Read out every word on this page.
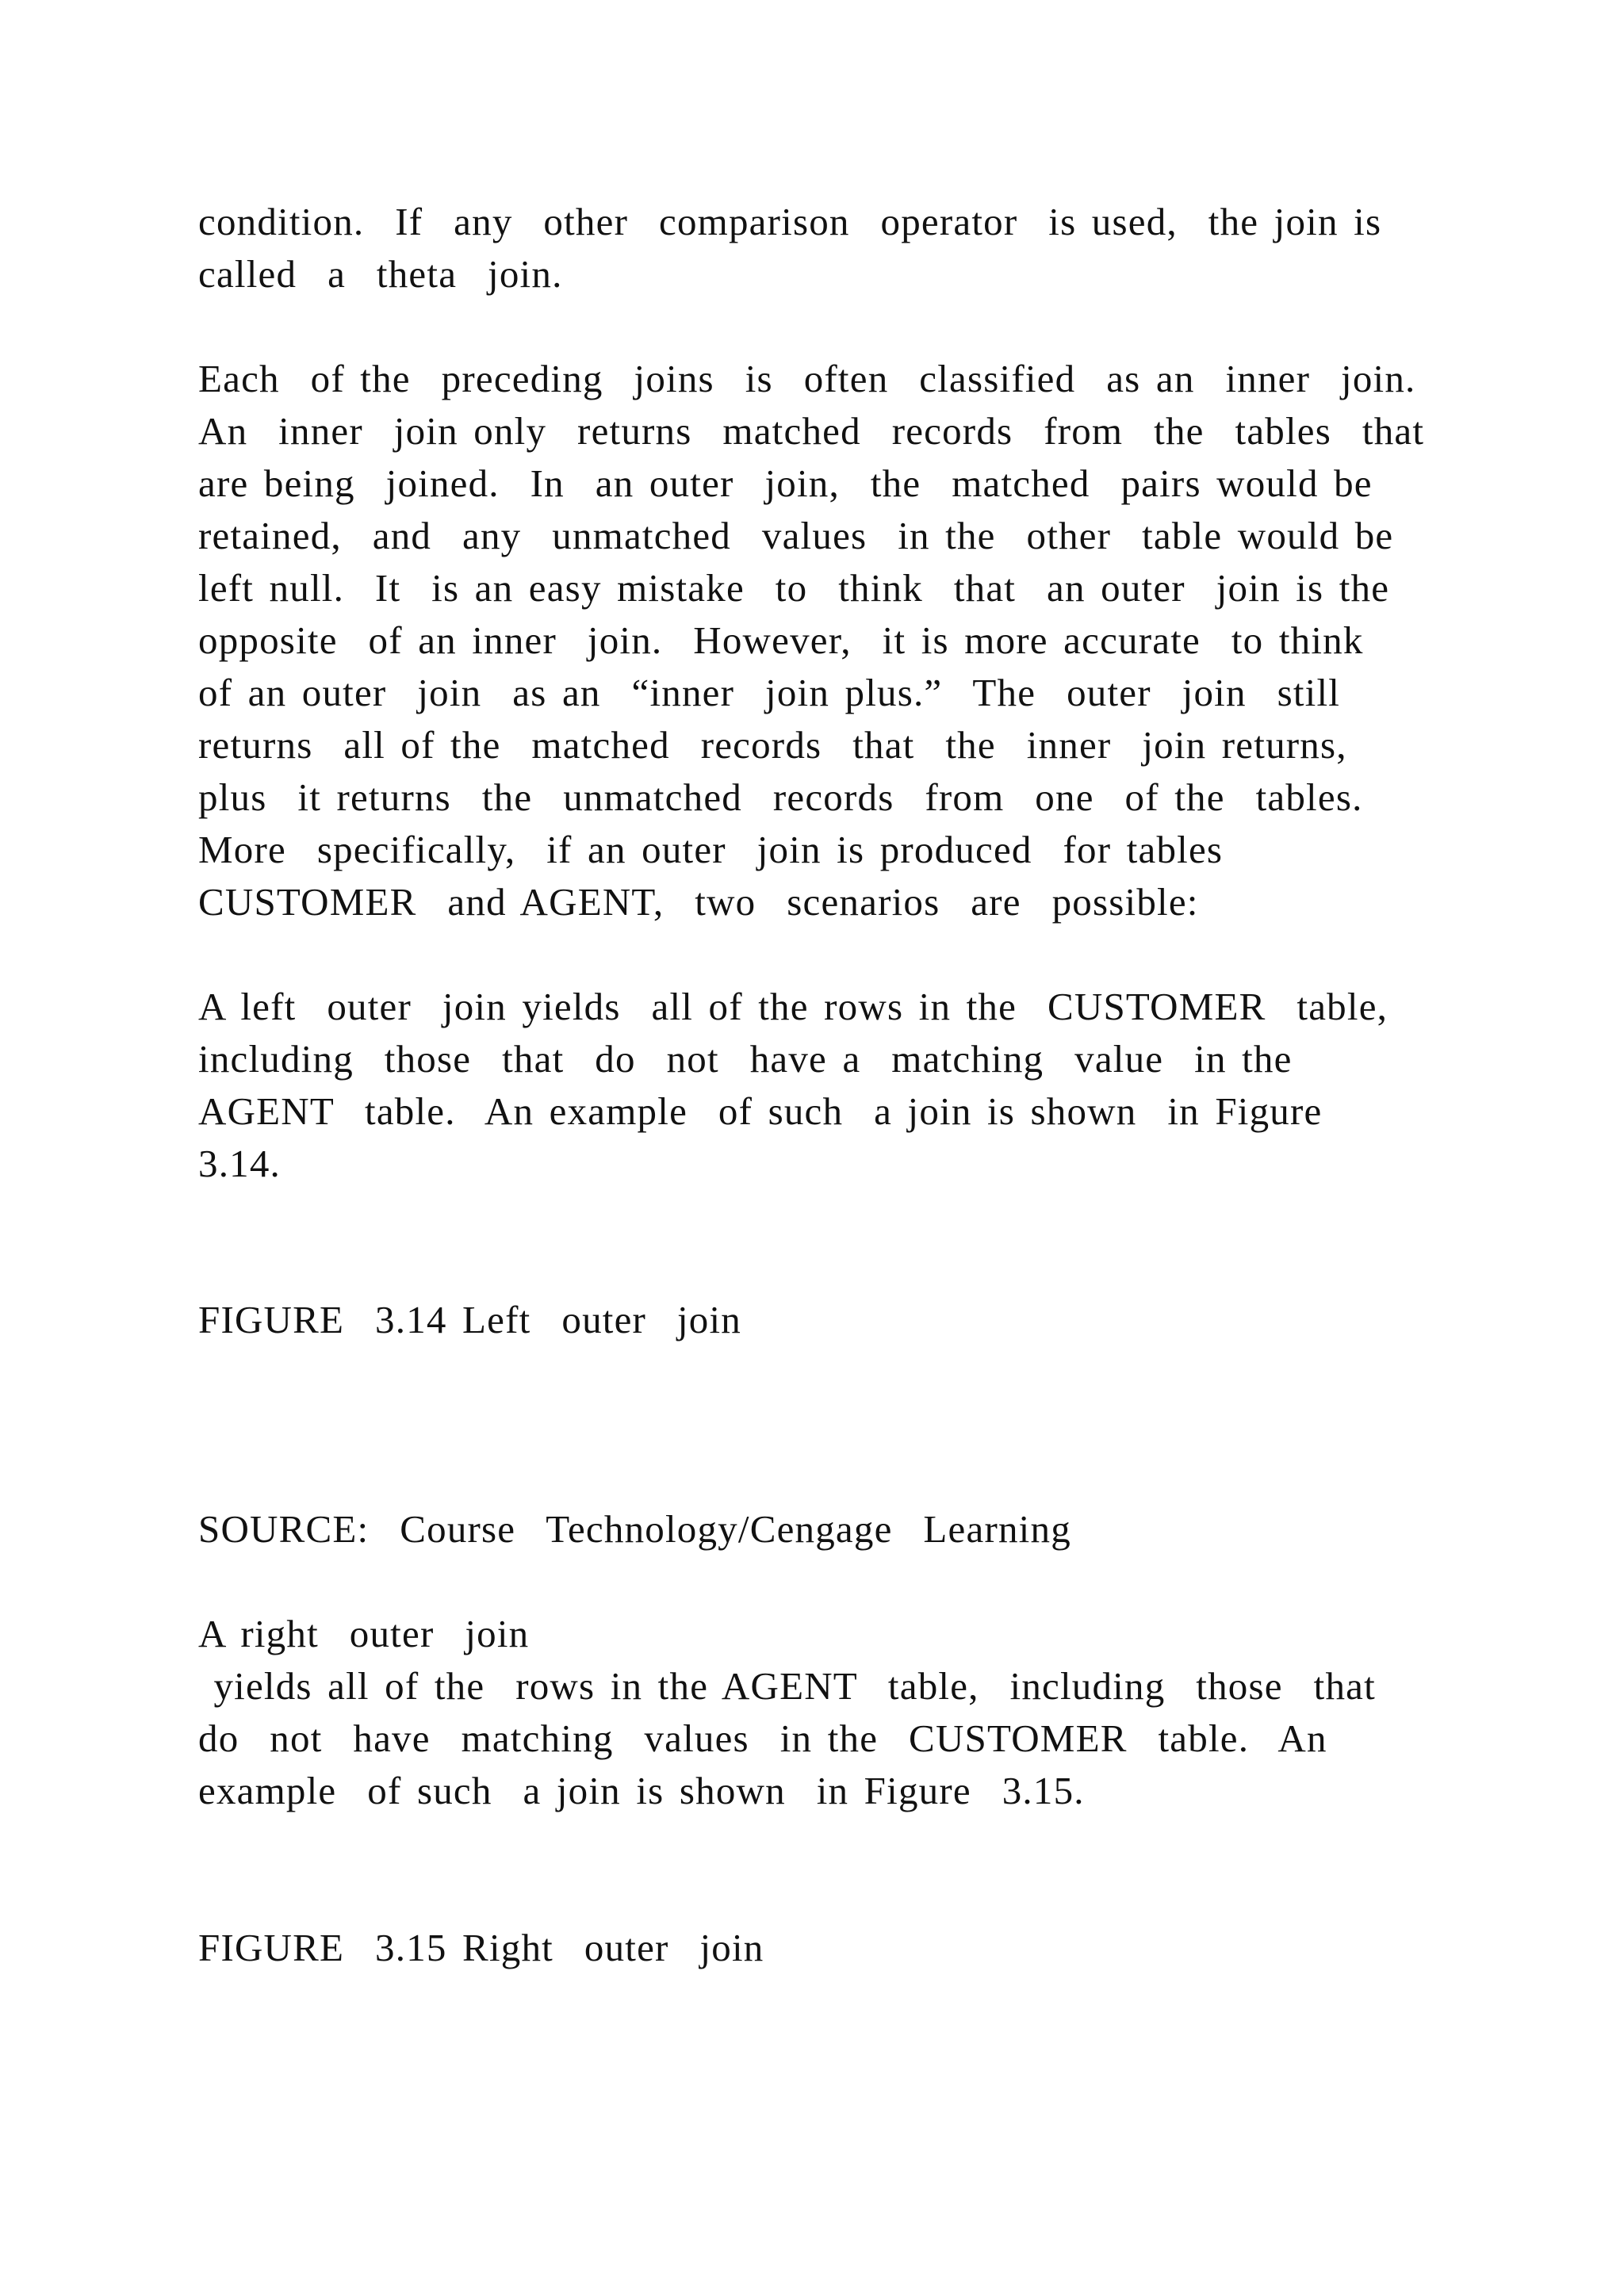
condition.  If  any  other  comparison  operator  is used,  the join is
called  a  theta  join.
Each  of the  preceding  joins  is  often  classified  as an  inner  join.
An  inner  join only  returns  matched  records  from  the  tables  that
are being  joined.  In  an outer  join,  the  matched  pairs would be
retained,  and  any  unmatched  values  in the  other  table would be
left null.  It  is an easy mistake  to  think  that  an outer  join is the
opposite  of an inner  join.  However,  it is more accurate  to think
of an outer  join  as an  “inner  join plus.”  The  outer  join  still
returns  all of the  matched  records  that  the  inner  join returns,
plus  it returns  the  unmatched  records  from  one  of the  tables.
More  specifically,  if an outer  join is produced  for tables
CUSTOMER  and AGENT,  two  scenarios  are  possible:
A left  outer  join yields  all of the rows in the  CUSTOMER  table,
including  those  that  do  not  have a  matching  value  in the
AGENT  table.  An example  of such  a join is shown  in Figure
3.14.
FIGURE  3.14 Left  outer  join
SOURCE:  Course  Technology/Cengage  Learning
A right  outer  join
yields all of the  rows in the AGENT  table,  including  those  that
do  not  have  matching  values  in the  CUSTOMER  table.  An
example  of such  a join is shown  in Figure  3.15.
FIGURE  3.15 Right  outer  join
